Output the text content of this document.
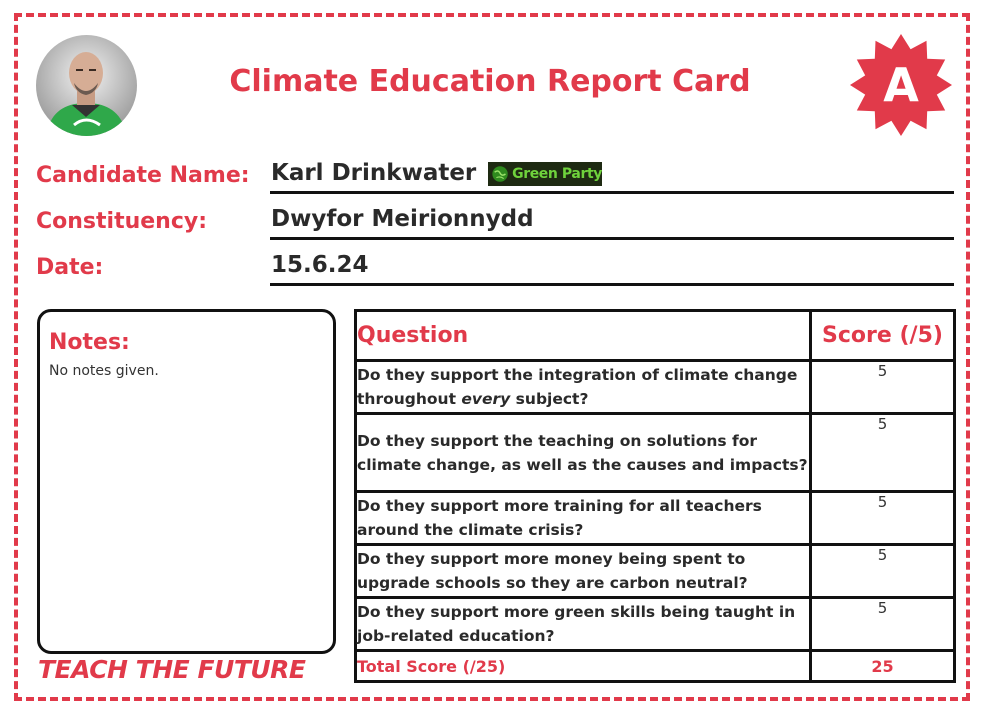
Climate Education Report Card	A
Candidate Name: Karl Drinkwater	Green Party
Constituency:	Dwyfor Meirionnydd
Date:	15.6.24
Notes:
No notes given.
Question	Score (/5)
Do they support the integration of climate change throughout every subject?	5
Do they support the teaching on solutions for climate change, as well as the causes and impacts?	5
Do they support more training for all teachers around the climate crisis?	5
Do they support more money being spent to upgrade schools so they are carbon neutral?	5
Do they support more green skills being taught in job-related education?	5
Total Score (/25)	25
TEACH THE FUTURE
